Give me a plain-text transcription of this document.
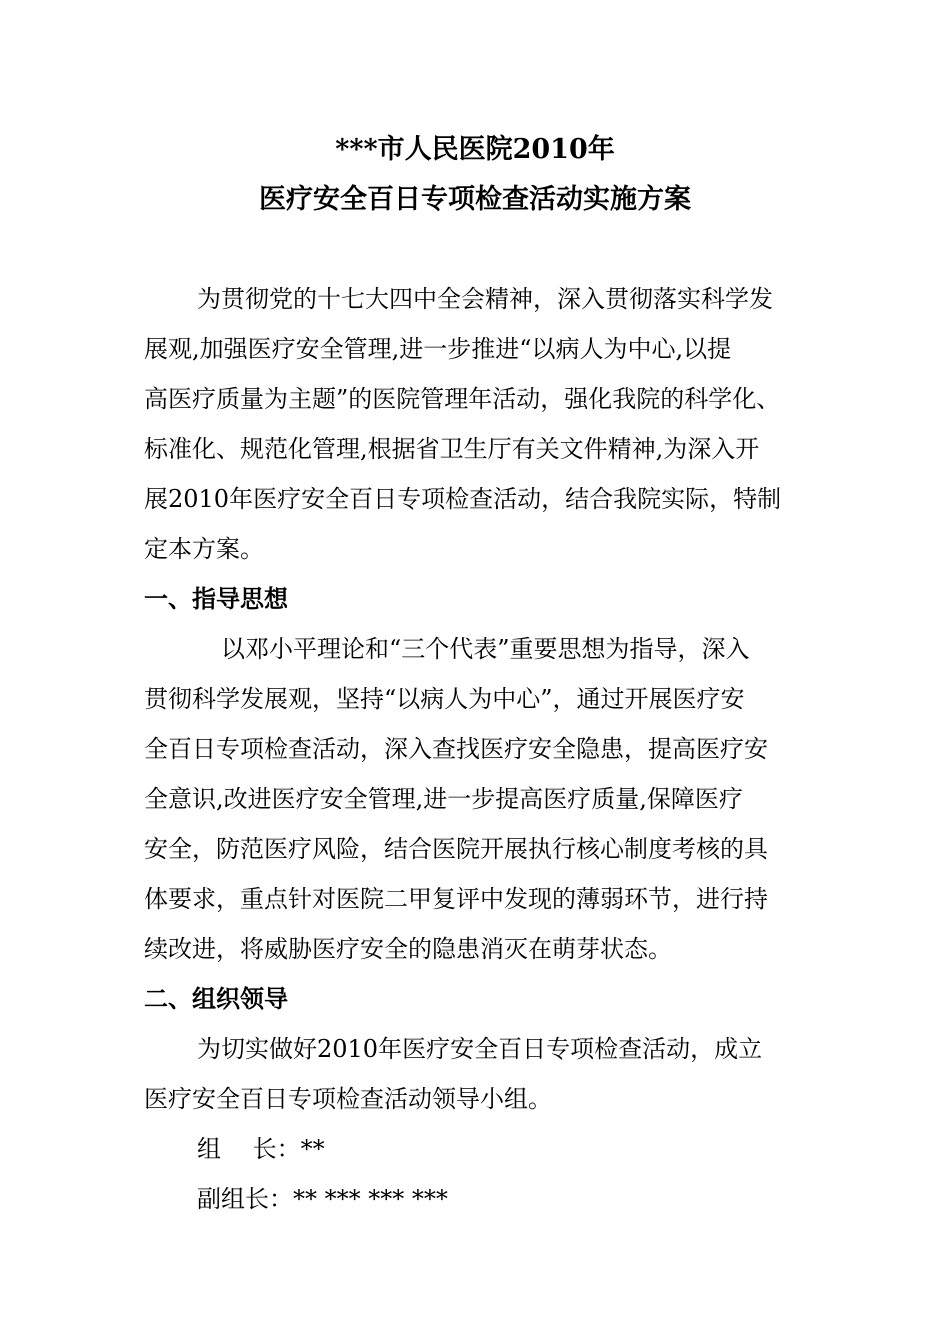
***市人民医院2010年
医疗安全百日专项检查活动实施方案
为贯彻党的十七大四中全会精神，深入贯彻落实科学发
展观,加强医疗安全管理,进一步推进“以病人为中心,以提
高医疗质量为主题”的医院管理年活动，强化我院的科学化、
标准化、规范化管理,根据省卫生厅有关文件精神,为深入开
展2010年医疗安全百日专项检查活动，结合我院实际，特制
定本方案。
一、指导思想
以邓小平理论和“三个代表”重要思想为指导，深入
贯彻科学发展观，坚持“以病人为中心”，通过开展医疗安
全百日专项检查活动，深入查找医疗安全隐患，提高医疗安
全意识,改进医疗安全管理,进一步提高医疗质量,保障医疗
安全，防范医疗风险，结合医院开展执行核心制度考核的具
体要求，重点针对医院二甲复评中发现的薄弱环节，进行持
续改进，将威胁医疗安全的隐患消灭在萌芽状态。
二、组织领导
为切实做好2010年医疗安全百日专项检查活动，成立
医疗安全百日专项检查活动领导小组。
组　 长：**
副组长：** *** *** ***
